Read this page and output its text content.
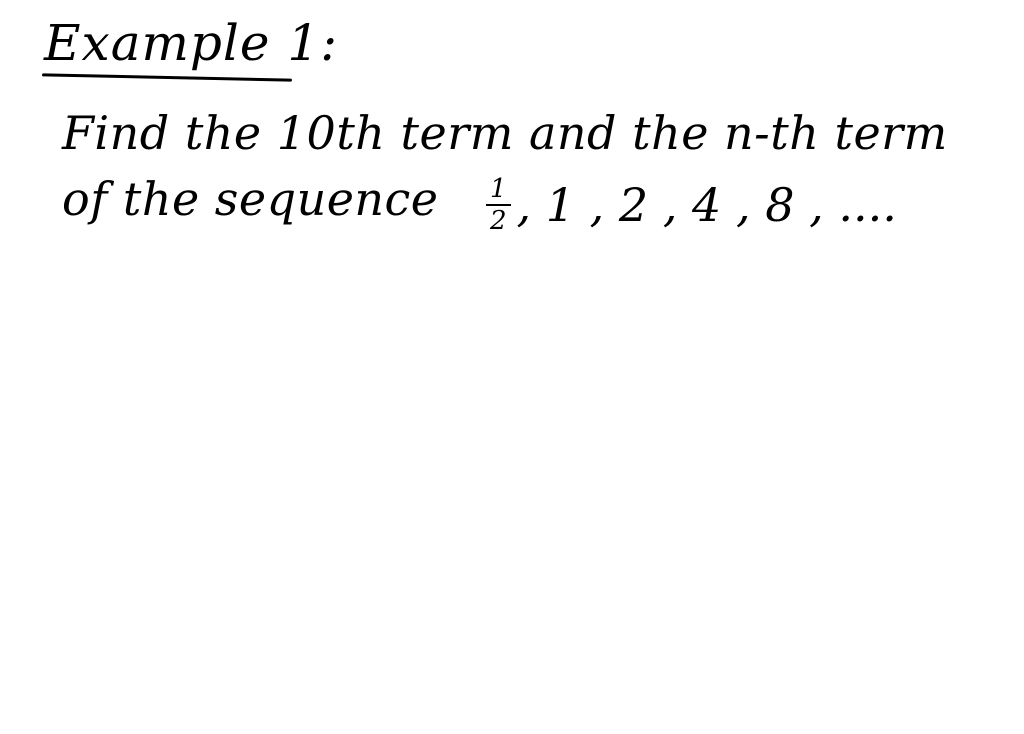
Example 1:
Find the 10th term and the n-th term
of the sequence $\frac{1}{2}$ , 1 , 2 , 4 , 8 , ....
